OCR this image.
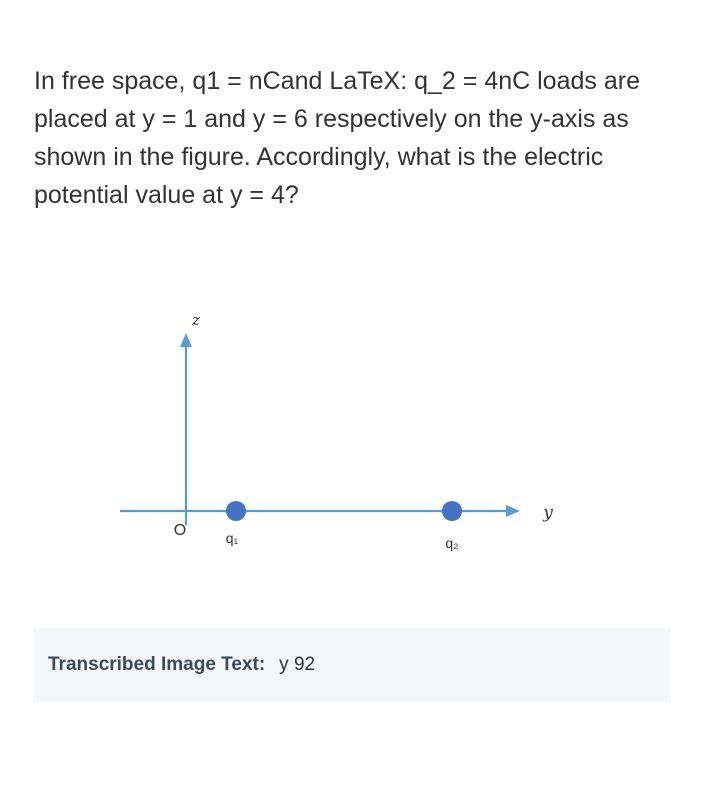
In free space, q1 = nCand LaTeX: q_2 = 4nC loads are placed at y = 1 and y = 6 respectively on the y-axis as shown in the figure. Accordingly, what is the electric potential value at y = 4?

z
y
O	q₁	q₂
Transcribed Image Text: y 92
